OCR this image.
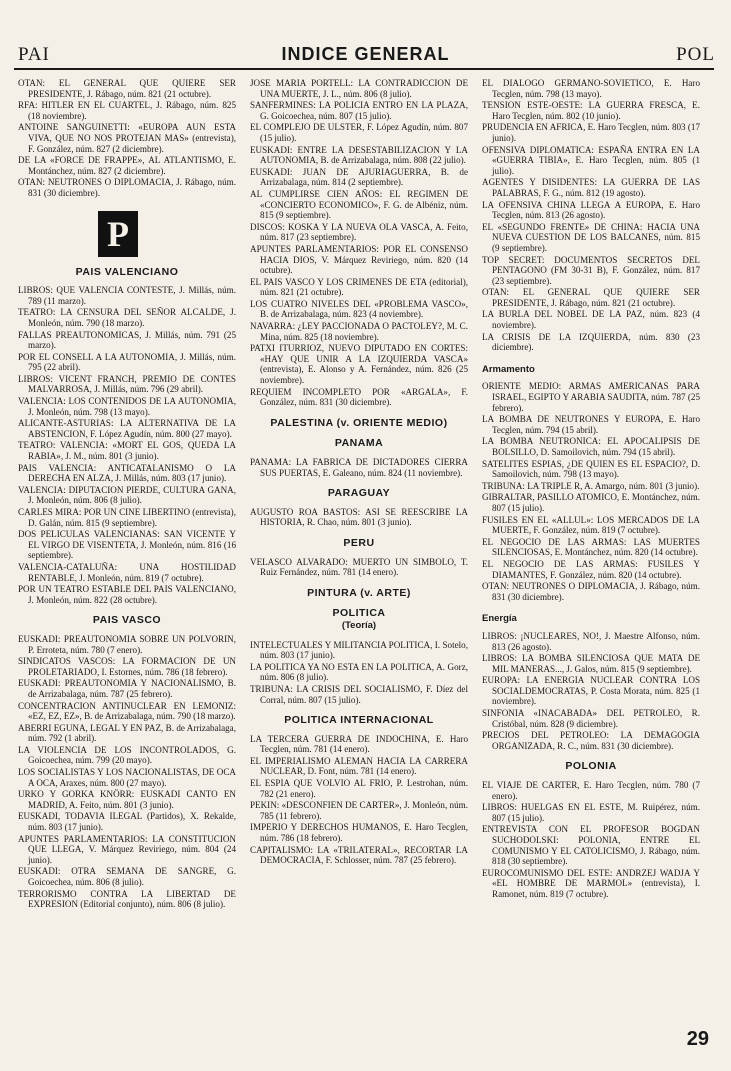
PAI	INDICE GENERAL	POL

OTAN: EL GENERAL QUE QUIERE SER PRESIDENTE, J. Rábago, núm. 821 (21 octubre).

RFA: HITLER EN EL CUARTEL, J. Rábago, núm. 825 (18 noviembre).

ANTOINE SANGUINETTI: «EUROPA AUN ESTA VIVA, QUE NO NOS PROTEJAN MAS» (entrevista), F. González, núm. 827 (2 diciembre).

DE LA «FORCE DE FRAPPE», AL ATLANTISMO, E. Montánchez, núm. 827 (2 diciembre).

OTAN: NEUTRONES O DIPLOMACIA, J. Rábago, núm. 831 (30 diciembre).

P
PAIS VALENCIANO

LIBROS: QUE VALENCIA CONTESTE, J. Millás, núm. 789 (11 marzo).

TEATRO: LA CENSURA DEL SEÑOR ALCALDE, J. Monleón, núm. 790 (18 marzo).

FALLAS PREAUTONOMICAS, J. Millás, núm. 791 (25 marzo).

POR EL CONSELL A LA AUTONOMIA, J. Millás, núm. 795 (22 abril).

LIBROS: VICENT FRANCH, PREMIO DE CONTES MALVARROSA, J. Millás, núm. 796 (29 abril).

VALENCIA: LOS CONTENIDOS DE LA AUTONOMIA, J. Monleón, núm. 798 (13 mayo).

ALICANTE-ASTURIAS: LA ALTERNATIVA DE LA ABSTENCION, F. López Agudín, núm. 800 (27 mayo).

TEATRO: VALENCIA: «MORT EL GOS, QUEDA LA RABIA», J. M., núm. 801 (3 junio).

PAIS VALENCIA: ANTICATALANISMO O LA DERECHA EN ALZA, J. Millás, núm. 803 (17 junio).

VALENCIA: DIPUTACION PIERDE, CULTURA GANA, J. Monleón, núm. 806 (8 julio).

CARLES MIRA: POR UN CINE LIBERTINO (entrevista), D. Galán, núm. 815 (9 septiembre).

DOS PELICULAS VALENCIANAS: SAN VICENTE Y EL VIRGO DE VISENTETA, J. Monleón, núm. 816 (16 septiembre).

VALENCIA-CATALUÑA: UNA HOSTILIDAD RENTABLE, J. Monleón, núm. 819 (7 octubre).

POR UN TEATRO ESTABLE DEL PAIS VALENCIANO, J. Monleón, núm. 822 (28 octubre).

PAIS VASCO

EUSKADI: PREAUTONOMIA SOBRE UN POLVORIN, P. Erroteta, núm. 780 (7 enero).

SINDICATOS VASCOS: LA FORMACION DE UN PROLETARIADO, I. Estornes, núm. 786 (18 febrero).

EUSKADI: PREAUTONOMIA Y NACIONALISMO, B. de Arrizabalaga, núm. 787 (25 febrero).

CONCENTRACION ANTINUCLEAR EN LEMONIZ: «EZ, EZ, EZ», B. de Arrizabalaga, núm. 790 (18 marzo).

ABERRI EGUNA, LEGAL Y EN PAZ, B. de Arrizabalaga, núm. 792 (1 abril).

LA VIOLENCIA DE LOS INCONTROLADOS, G. Goicoechea, núm. 799 (20 mayo).

LOS SOCIALISTAS Y LOS NACIONALISTAS, DE OCA A OCA, Araxes, núm. 800 (27 mayo).

URKO Y GORKA KNÖRR: EUSKADI CANTO EN MADRID, A. Feito, núm. 801 (3 junio).

EUSKADI, TODAVIA ILEGAL (Partidos), X. Rekalde, núm. 803 (17 junio).

APUNTES PARLAMENTARIOS: LA CONSTITUCION QUE LLEGA, V. Márquez Reviriego, núm. 804 (24 junio).

EUSKADI: OTRA SEMANA DE SANGRE, G. Goicoechea, núm. 806 (8 julio).

TERRORISMO CONTRA LA LIBERTAD DE EXPRESION (Editorial conjunto), núm. 806 (8 julio).

JOSE MARIA PORTELL: LA CONTRADICCION DE UNA MUERTE, J. L., núm. 806 (8 julio).

SANFERMINES: LA POLICIA ENTRO EN LA PLAZA, G. Goicoechea, núm. 807 (15 julio).

EL COMPLEJO DE ULSTER, F. López Agudín, núm. 807 (15 julio).

EUSKADI: ENTRE LA DESESTABILIZACION Y LA AUTONOMIA, B. de Arrizabalaga, núm. 808 (22 julio).

EUSKADI: JUAN DE AJURIAGUERRA, B. de Arrizabalaga, núm. 814 (2 septiembre).

AL CUMPLIRSE CIEN AÑOS: EL REGIMEN DE «CONCIERTO ECONOMICO», F. G. de Albéniz, núm. 815 (9 septiembre).

DISCOS: KOSKA Y LA NUEVA OLA VASCA, A. Feito, núm. 817 (23 septiembre).

APUNTES PARLAMENTARIOS: POR EL CONSENSO HACIA DIOS, V. Márquez Reviriego, núm. 820 (14 octubre).

EL PAIS VASCO Y LOS CRIMENES DE ETA (editorial), núm. 821 (21 octubre).

LOS CUATRO NIVELES DEL «PROBLEMA VASCO», B. de Arrizabalaga, núm. 823 (4 noviembre).

NAVARRA: ¿LEY PACCIONADA O PACTOLEY?, M. C. Mina, núm. 825 (18 noviembre).

PATXI ITURRIOZ, NUEVO DIPUTADO EN CORTES: «HAY QUE UNIR A LA IZQUIERDA VASCA» (entrevista), E. Alonso y A. Fernández, núm. 826 (25 noviembre).

REQUIEM INCOMPLETO POR «ARGALA», F. González, núm. 831 (30 diciembre).

PALESTINA (v. ORIENTE MEDIO)
PANAMA

PANAMA: LA FABRICA DE DICTADORES CIERRA SUS PUERTAS, E. Galeano, núm. 824 (11 noviembre).

PARAGUAY

AUGUSTO ROA BASTOS: ASI SE REESCRIBE LA HISTORIA, R. Chao, núm. 801 (3 junio).

PERU

VELASCO ALVARADO: MUERTO UN SIMBOLO, T. Ruiz Fernández, núm. 781 (14 enero).

PINTURA (v. ARTE)
POLITICA
(Teoría)

INTELECTUALES Y MILITANCIA POLITICA, I. Sotelo, núm. 803 (17 junio).

LA POLITICA YA NO ESTA EN LA POLITICA, A. Gorz, núm. 806 (8 julio).

TRIBUNA: LA CRISIS DEL SOCIALISMO, F. Díez del Corral, núm. 807 (15 julio).

POLITICA INTERNACIONAL

LA TERCERA GUERRA DE INDOCHINA, E. Haro Tecglen, núm. 781 (14 enero).

EL IMPERIALISMO ALEMAN HACIA LA CARRERA NUCLEAR, D. Font, núm. 781 (14 enero).

EL ESPIA QUE VOLVIO AL FRIO, P. Lestrohan, núm. 782 (21 enero).

PEKIN: «DESCONFIEN DE CARTER», J. Monleón, núm. 785 (11 febrero).

IMPERIO Y DERECHOS HUMANOS, E. Haro Tecglen, núm. 786 (18 febrero).

CAPITALISMO: LA «TRILATERAL», RECORTAR LA DEMOCRACIA, F. Schlosser, núm. 787 (25 febrero).

EL DIALOGO GERMANO-SOVIETICO, E. Haro Tecglen, núm. 798 (13 mayo).

TENSION ESTE-OESTE: LA GUERRA FRESCA, E. Haro Tecglen, núm. 802 (10 junio).

PRUDENCIA EN AFRICA, E. Haro Tecglen, núm. 803 (17 junio).

OFENSIVA DIPLOMATICA: ESPAÑA ENTRA EN LA «GUERRA TIBIA», E. Haro Tecglen, núm. 805 (1 julio).

AGENTES Y DISIDENTES: LA GUERRA DE LAS PALABRAS, F. G., núm. 812 (19 agosto).

LA OFENSIVA CHINA LLEGA A EUROPA, E. Haro Tecglen, núm. 813 (26 agosto).

EL «SEGUNDO FRENTE» DE CHINA: HACIA UNA NUEVA CUESTION DE LOS BALCANES, núm. 815 (9 septiembre).

TOP SECRET: DOCUMENTOS SECRETOS DEL PENTAGONO (FM 30-31 B), F. González, núm. 817 (23 septiembre).

OTAN: EL GENERAL QUE QUIERE SER PRESIDENTE, J. Rábago, núm. 821 (21 octubre).

LA BURLA DEL NOBEL DE LA PAZ, núm. 823 (4 noviembre).

LA CRISIS DE LA IZQUIERDA, núm. 830 (23 diciembre).

Armamento

ORIENTE MEDIO: ARMAS AMERICANAS PARA ISRAEL, EGIPTO Y ARABIA SAUDITA, núm. 787 (25 febrero).

LA BOMBA DE NEUTRONES Y EUROPA, E. Haro Tecglen, núm. 794 (15 abril).

LA BOMBA NEUTRONICA: EL APOCALIPSIS DE BOLSILLO, D. Samoilovich, núm. 794 (15 abril).

SATELITES ESPIAS, ¿DE QUIEN ES EL ESPACIO?, D. Samoilovich, núm. 798 (13 mayo).

TRIBUNA: LA TRIPLE R, A. Amargo, núm. 801 (3 junio).

GIBRALTAR, PASILLO ATOMICO, E. Montánchez, núm. 807 (15 julio).

FUSILES EN EL «ALLUL»: LOS MERCADOS DE LA MUERTE, F. González, núm. 819 (7 octubre).

EL NEGOCIO DE LAS ARMAS: LAS MUERTES SILENCIOSAS, E. Montánchez, núm. 820 (14 octubre).

EL NEGOCIO DE LAS ARMAS: FUSILES Y DIAMANTES, F. González, núm. 820 (14 octubre).

OTAN: NEUTRONES O DIPLOMACIA, J. Rábago, núm. 831 (30 diciembre).

Energía

LIBROS: ¡NUCLEARES, NO!, J. Maestre Alfonso, núm. 813 (26 agosto).

LIBROS: LA BOMBA SILENCIOSA QUE MATA DE MIL MANERAS..., J. Galos, núm. 815 (9 septiembre).

EUROPA: LA ENERGIA NUCLEAR CONTRA LOS SOCIALDEMOCRATAS, P. Costa Morata, núm. 825 (1 noviembre).

SINFONIA «INACABADA» DEL PETROLEO, R. Cristóbal, núm. 828 (9 diciembre).

PRECIOS DEL PETROLEO: LA DEMAGOGIA ORGANIZADA, R. C., núm. 831 (30 diciembre).

POLONIA

EL VIAJE DE CARTER, E. Haro Tecglen, núm. 780 (7 enero).

LIBROS: HUELGAS EN EL ESTE, M. Ruipérez, núm. 807 (15 julio).

ENTREVISTA CON EL PROFESOR BOGDAN SUCHODOLSKI: POLONIA, ENTRE EL COMUNISMO Y EL CATOLICISMO, J. Rábago, núm. 818 (30 septiembre).

EUROCOMUNISMO DEL ESTE: ANDRZEJ WADJA Y «EL HOMBRE DE MARMOL» (entrevista), I. Ramonet, núm. 819 (7 octubre).

29
